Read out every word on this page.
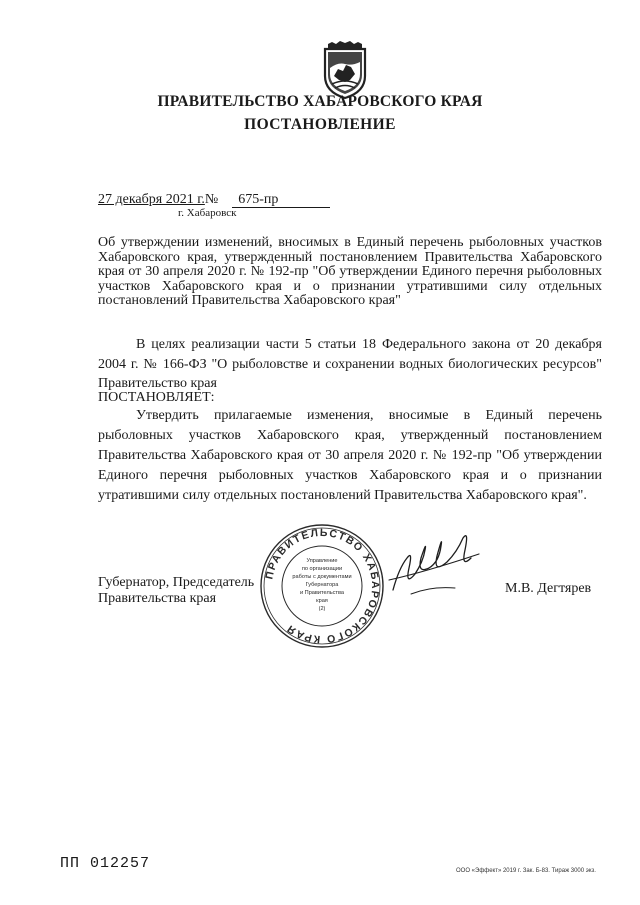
ПРАВИТЕЛЬСТВО ХАБАРОВСКОГО КРАЯ
ПОСТАНОВЛЕНИЕ
27 декабря 2021 г.№ 675-пр
г. Хабаровск
Об утверждении изменений, вносимых в Единый перечень рыболовных участков Хабаровского края, утвержденный постановлением Правительства Хабаровского края от 30 апреля 2020 г. № 192-пр "Об утверждении Единого перечня рыболовных участков Хабаровского края и о признании утратившими силу отдельных постановлений Правительства Хабаровского края"
В целях реализации части 5 статьи 18 Федерального закона от 20 декабря 2004 г. № 166-ФЗ "О рыболовстве и сохранении водных биологических ресурсов" Правительство края
ПОСТАНОВЛЯЕТ:
Утвердить прилагаемые изменения, вносимые в Единый перечень рыболовных участков Хабаровского края, утвержденный постановлением Правительства Хабаровского края от 30 апреля 2020 г. № 192-пр "Об утверждении Единого перечня рыболовных участков Хабаровского края и о признании утратившими силу отдельных постановлений Правительства Хабаровского края".
Губернатор, Председатель
Правительства края
ПРАВИТЕЛЬСТВО ХАБАРОВСКОГО КРАЯ
Управление
по организации
работы с документами
Губернатора
и Правительства
края
(2)
М.В. Дегтярев
ПП 012257	ООО «Эффект» 2019 г. Зак. Б-83. Тираж 3000 экз.
